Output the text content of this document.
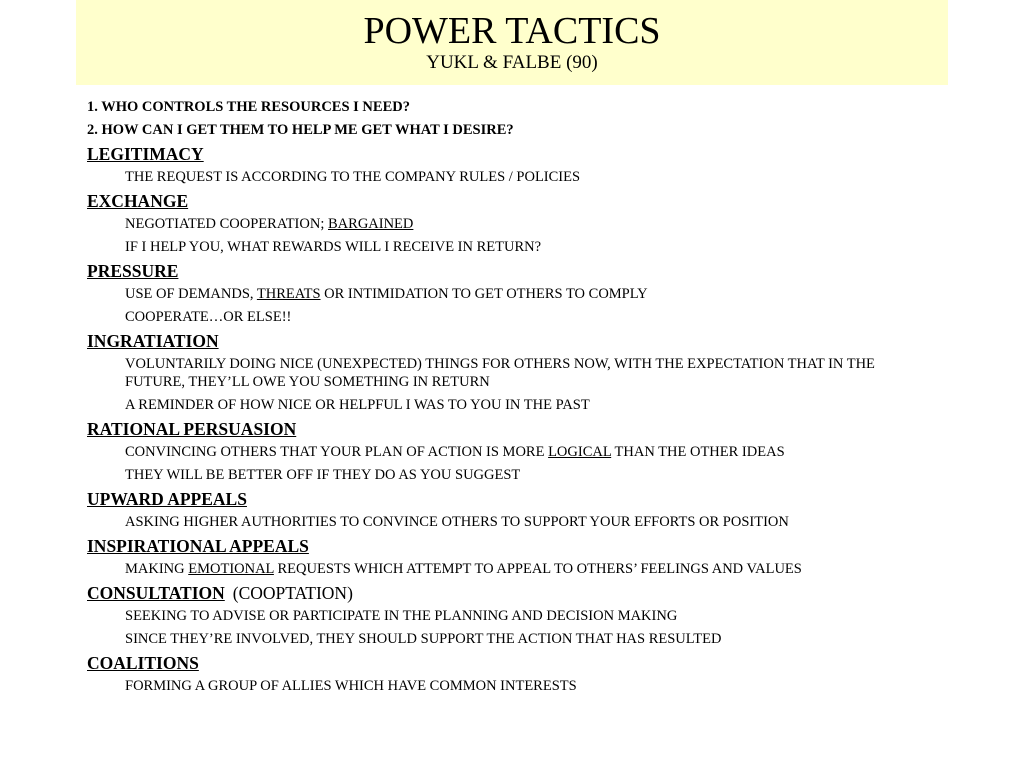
POWER TACTICS
YUKL & FALBE (90)
1. WHO CONTROLS THE RESOURCES I NEED?
2. HOW CAN I GET THEM TO HELP ME GET WHAT I DESIRE?
LEGITIMACY
THE REQUEST IS ACCORDING TO THE COMPANY RULES / POLICIES
EXCHANGE
NEGOTIATED COOPERATION; BARGAINED
IF I HELP YOU, WHAT REWARDS WILL I RECEIVE IN RETURN?
PRESSURE
USE OF DEMANDS, THREATS OR INTIMIDATION TO GET OTHERS TO COMPLY
COOPERATE…OR ELSE!!
INGRATIATION
VOLUNTARILY DOING NICE (UNEXPECTED) THINGS FOR OTHERS NOW, WITH THE EXPECTATION THAT IN THE FUTURE, THEY’LL OWE YOU SOMETHING IN RETURN
A REMINDER OF HOW NICE OR HELPFUL I WAS TO YOU IN THE PAST
RATIONAL PERSUASION
CONVINCING OTHERS THAT YOUR PLAN OF ACTION IS MORE LOGICAL THAN THE OTHER IDEAS
THEY WILL BE BETTER OFF IF THEY DO AS YOU SUGGEST
UPWARD APPEALS
ASKING HIGHER AUTHORITIES TO CONVINCE OTHERS TO SUPPORT YOUR EFFORTS OR POSITION
INSPIRATIONAL APPEALS
MAKING EMOTIONAL REQUESTS WHICH ATTEMPT TO APPEAL TO OTHERS’ FEELINGS AND VALUES
CONSULTATION (COOPTATION)
SEEKING TO ADVISE OR PARTICIPATE IN THE PLANNING AND DECISION MAKING
SINCE THEY’RE INVOLVED, THEY SHOULD SUPPORT THE ACTION THAT HAS RESULTED
COALITIONS
FORMING A GROUP OF ALLIES WHICH HAVE COMMON INTERESTS
